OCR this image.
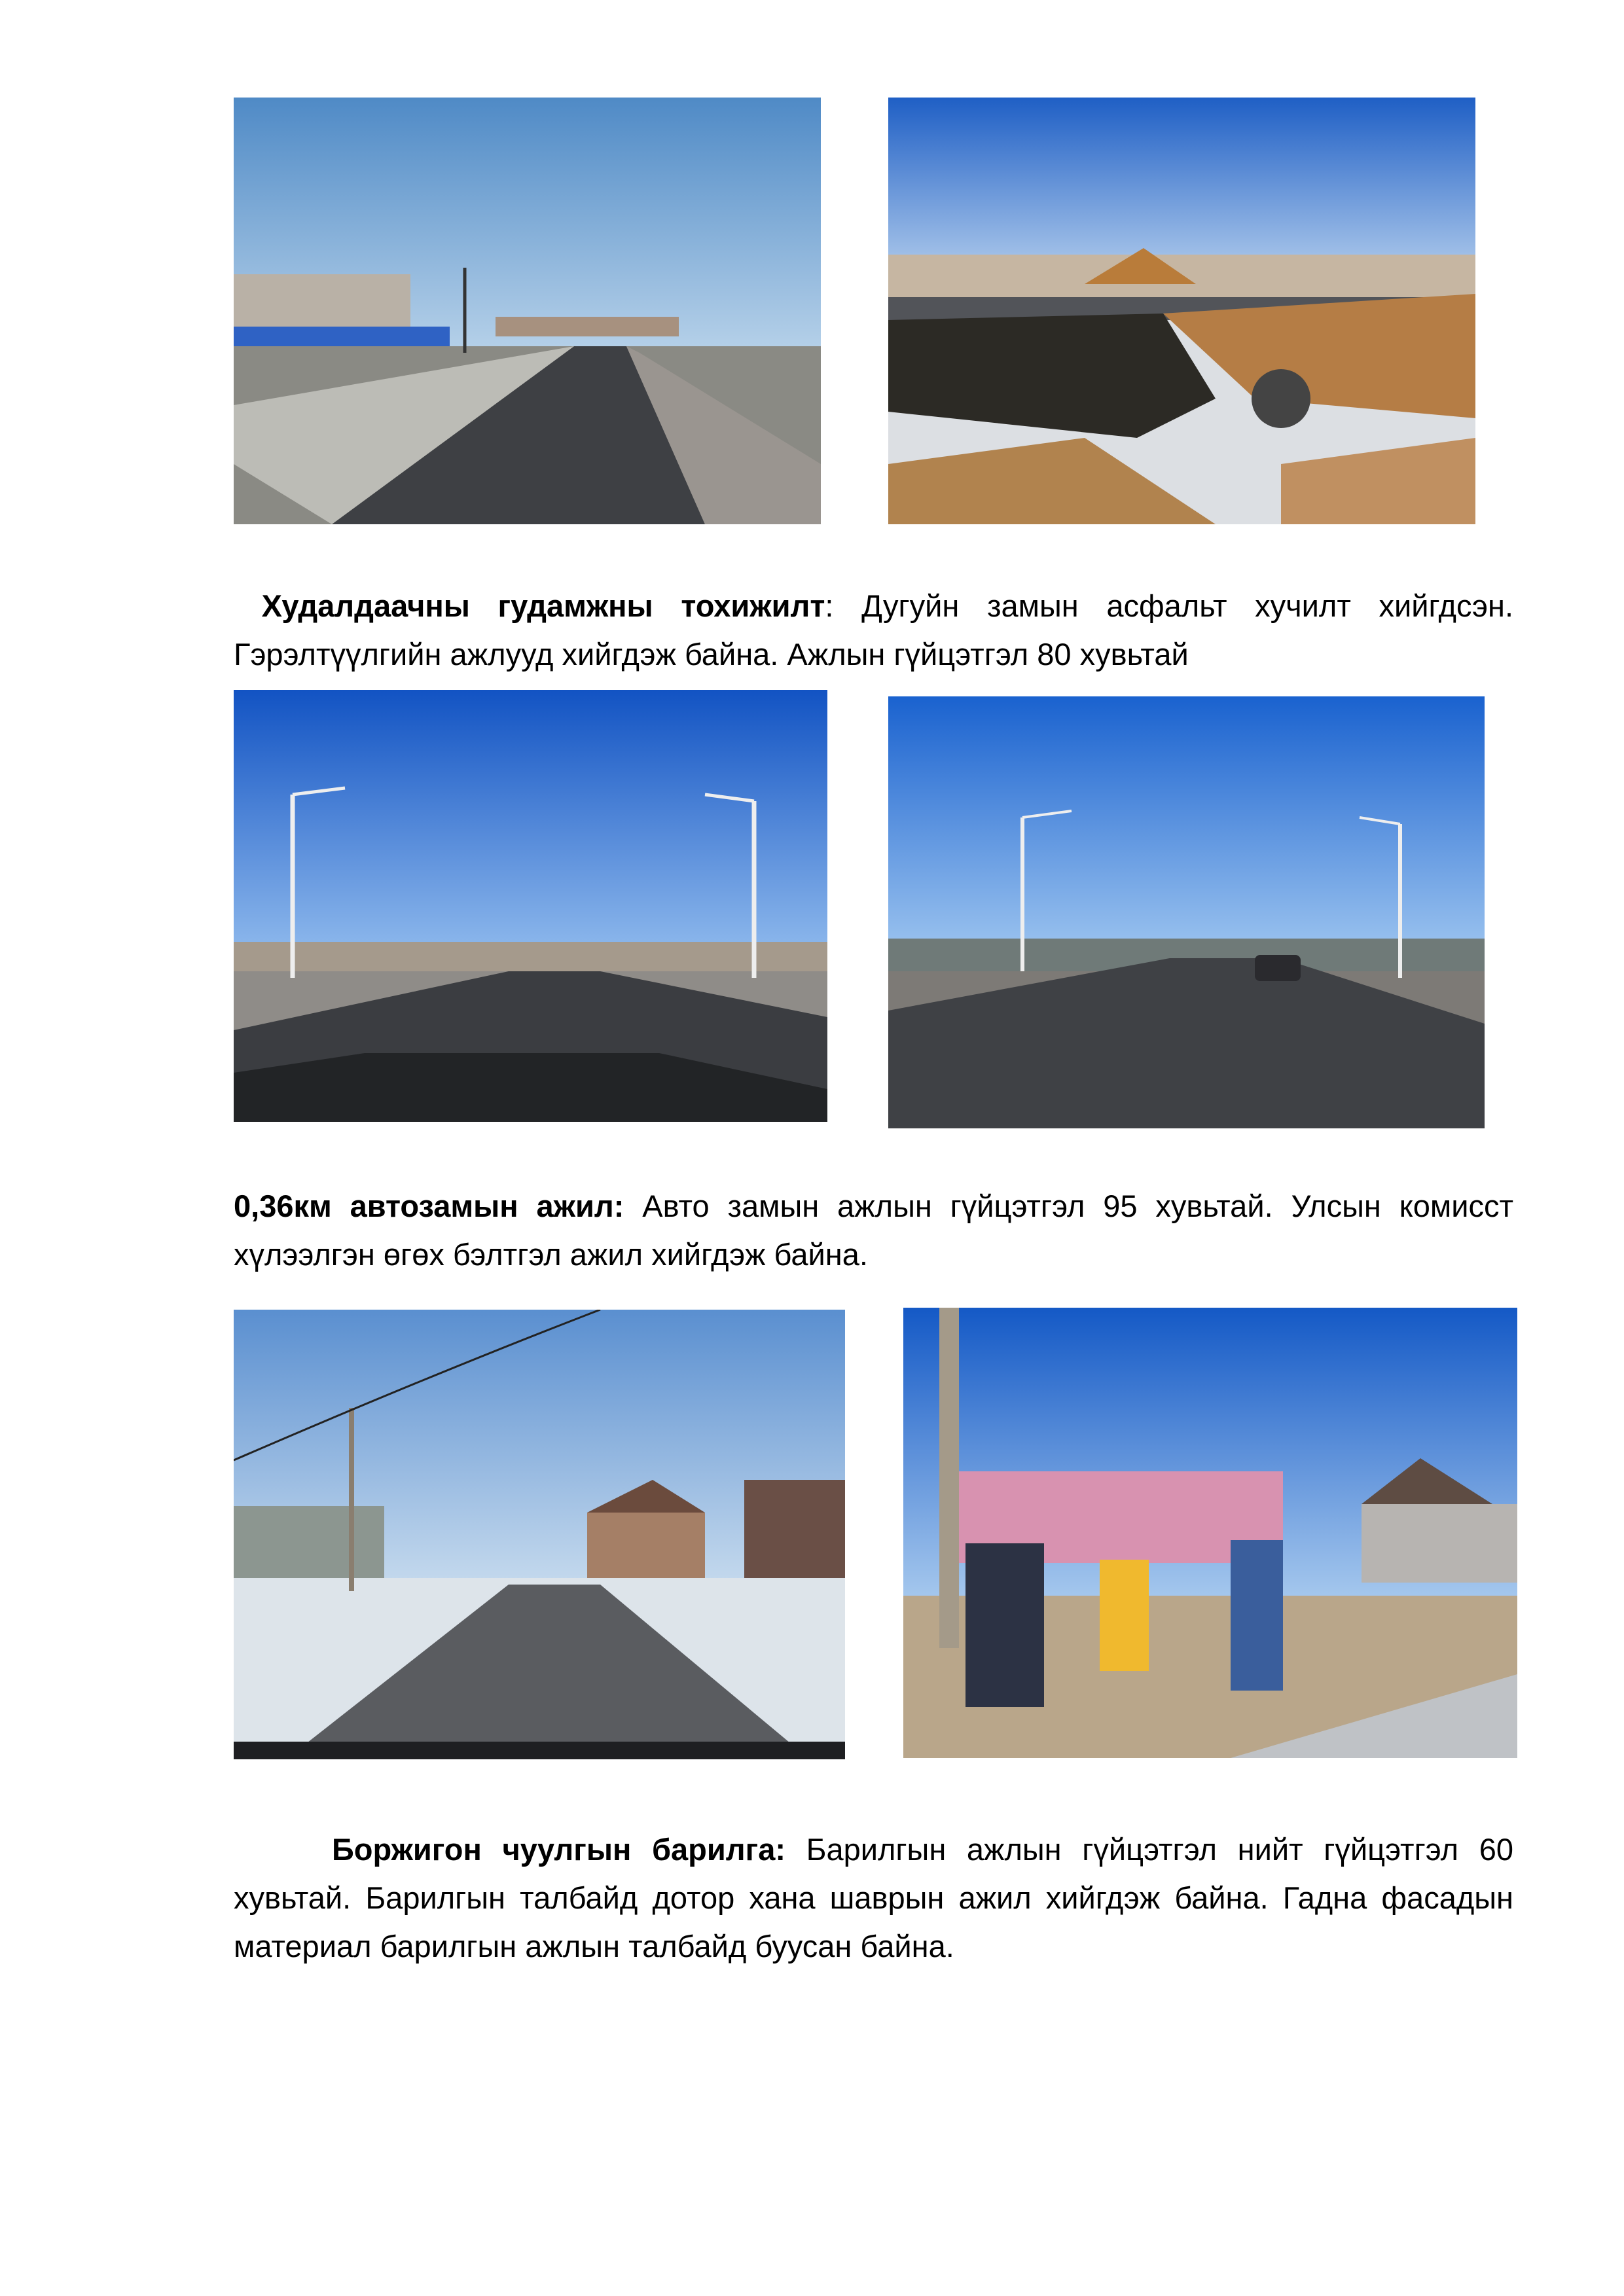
Худалдаачны гудамжны тохижилт: Дугуйн замын асфальт хучилт хийгдсэн. Гэрэлтүүлгийн ажлууд хийгдэж байна. Ажлын гүйцэтгэл 80 хувьтай
0,36км автозамын ажил: Авто замын ажлын гүйцэтгэл 95 хувьтай. Улсын комисст хүлээлгэн өгөх бэлтгэл ажил хийгдэж байна.
Боржигон чуулгын барилга: Барилгын ажлын гүйцэтгэл нийт гүйцэтгэл 60 хувьтай. Барилгын талбайд дотор хана шаврын ажил хийгдэж байна. Гадна фасадын материал барилгын ажлын талбайд буусан байна.
